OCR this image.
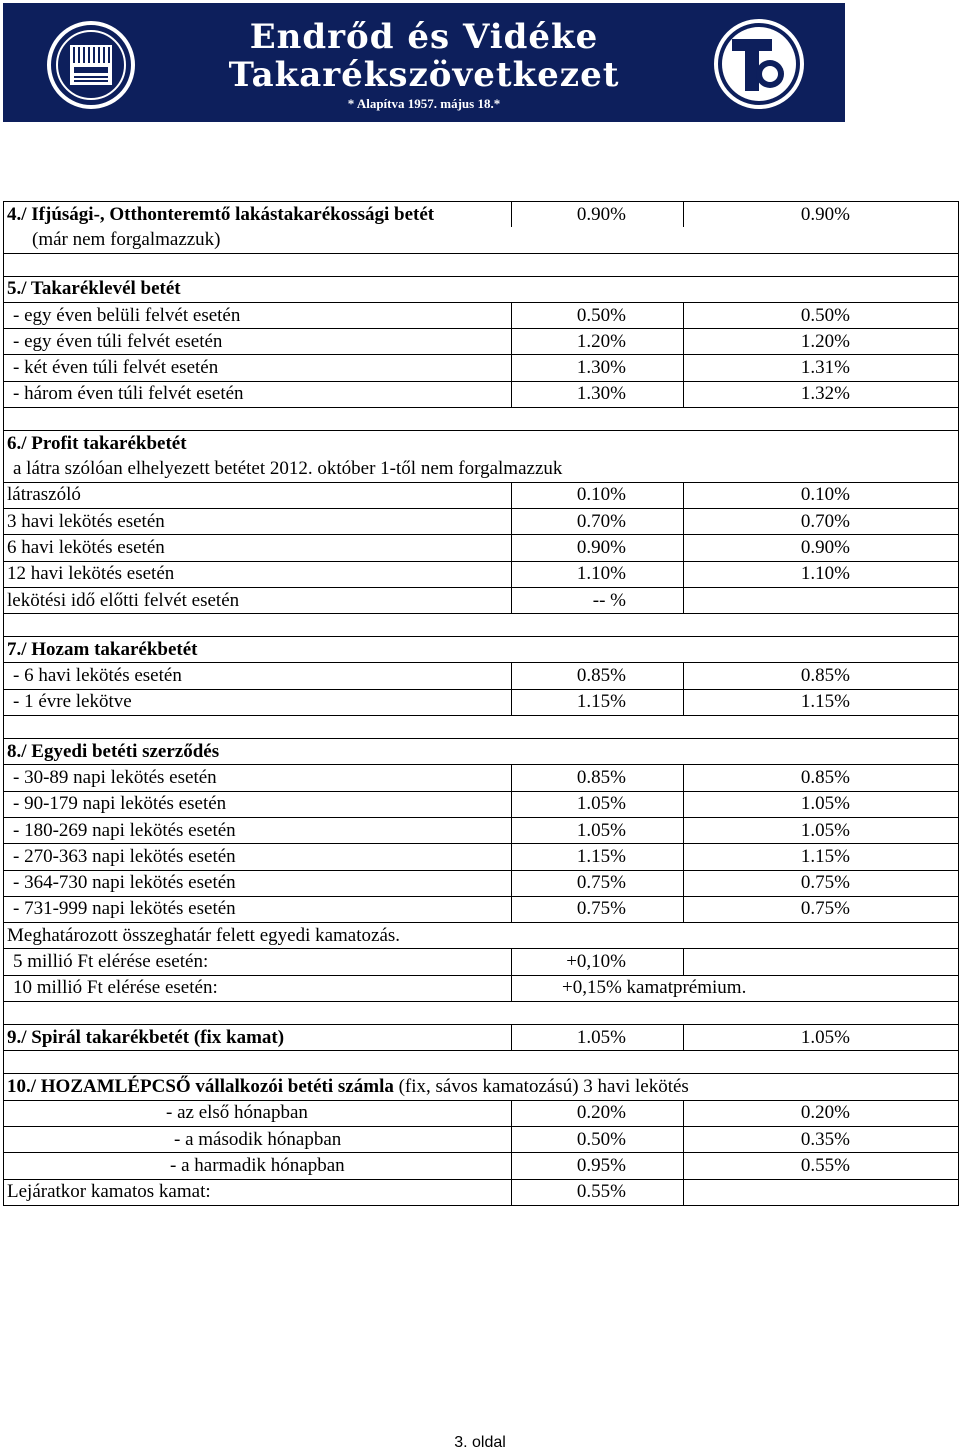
Endrőd és Vidéke
Takarékszövetkezet
* Alapítva 1957. május 18.*
4./ Ifjúsági-, Otthonteremtő lakástakarékossági betét	0.90%	0.90%
(már nem forgalmazzuk)		

5./ Takaréklevél betét		
- egy éven belüli felvét esetén	0.50%	0.50%
- egy éven túli felvét esetén	1.20%	1.20%
- két éven túli felvét esetén	1.30%	1.31%
- három éven túli felvét esetén	1.30%	1.32%

6./ Profit takarékbetét		
a látra szólóan elhelyezett betétet 2012. október 1-től nem forgalmazzuk		
látraszóló	0.10%	0.10%
3 havi lekötés esetén	0.70%	0.70%
6 havi lekötés esetén	0.90%	0.90%
12 havi lekötés esetén	1.10%	1.10%
lekötési idő előtti felvét esetén	-- %	

7./ Hozam takarékbetét		
- 6 havi lekötés esetén	0.85%	0.85%
- 1 évre lekötve	1.15%	1.15%

8./ Egyedi betéti szerződés		
- 30-89 napi lekötés esetén	0.85%	0.85%
- 90-179 napi lekötés esetén	1.05%	1.05%
- 180-269 napi lekötés esetén	1.05%	1.05%
- 270-363 napi lekötés esetén	1.15%	1.15%
- 364-730 napi lekötés esetén	0.75%	0.75%
- 731-999 napi lekötés esetén	0.75%	0.75%
Meghatározott összeghatár felett egyedi kamatozás.		
5 millió Ft elérése esetén:	+0,10%	
10 millió Ft elérése esetén:	+0,15% kamatprémium.	

9./ Spirál takarékbetét (fix kamat)	1.05%	1.05%

10./ HOZAMLÉPCSŐ vállalkozói betéti számla (fix, sávos kamatozású) 3 havi lekötés		
- az első hónapban	0.20%	0.20%
- a második hónapban	0.50%	0.35%
- a harmadik hónapban	0.95%	0.55%
Lejáratkor kamatos kamat:	0.55%	
3. oldal
